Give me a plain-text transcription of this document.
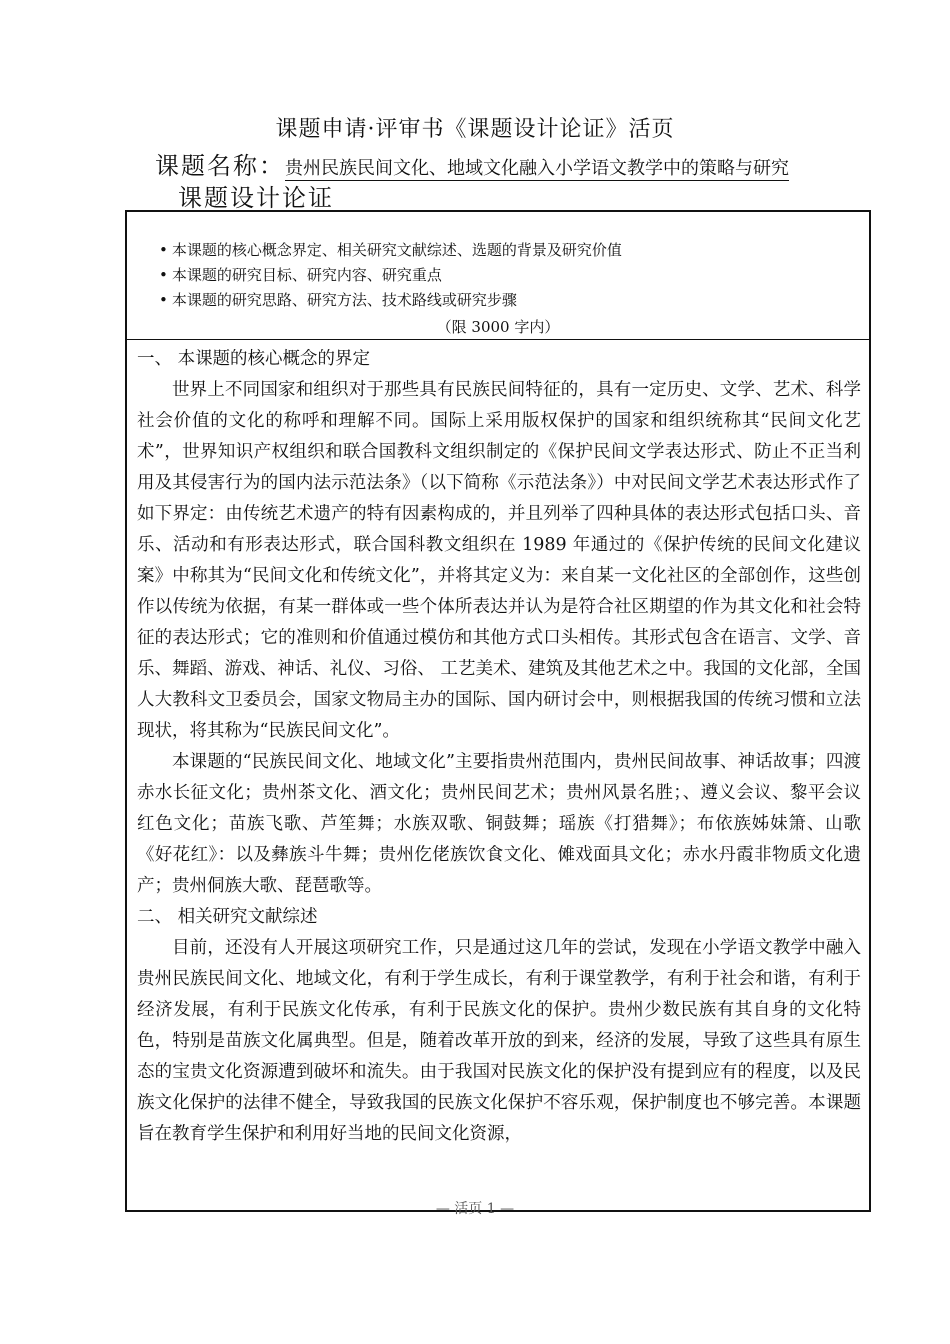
课题申请·评审书《课题设计论证》活页
课题名称：贵州民族民间文化、地域文化融入小学语文教学中的策略与研究
课题设计论证
• 本课题的核心概念界定、相关研究文献综述、选题的背景及研究价值
• 本课题的研究目标、研究内容、研究重点
• 本课题的研究思路、研究方法、技术路线或研究步骤
（限 3000 字内）

一、 本课题的核心概念的界定

世界上不同国家和组织对于那些具有民族民间特征的，具有一定历史、文学、艺术、科学社会价值的文化的称呼和理解不同。国际上采用版权保护的国家和组织统称其“民间文化艺术”，世界知识产权组织和联合国教科文组织制定的《保护民间文学表达形式、防止不正当利用及其侵害行为的国内法示范法条》（以下简称《示范法条》）中对民间文学艺术表达形式作了如下界定：由传统艺术遗产的特有因素构成的，并且列举了四种具体的表达形式包括口头、音乐、活动和有形表达形式，联合国科教文组织在 1989 年通过的《保护传统的民间文化建议案》中称其为“民间文化和传统文化”，并将其定义为：来自某一文化社区的全部创作，这些创作以传统为依据，有某一群体或一些个体所表达并认为是符合社区期望的作为其文化和社会特征的表达形式；它的准则和价值通过模仿和其他方式口头相传。其形式包含在语言、文学、音乐、舞蹈、游戏、神话、礼仪、习俗、 工艺美术、建筑及其他艺术之中。我国的文化部，全国人大教科文卫委员会，国家文物局主办的国际、国内研讨会中，则根据我国的传统习惯和立法现状，将其称为“民族民间文化”。

本课题的“民族民间文化、地域文化”主要指贵州范围内，贵州民间故事、神话故事；四渡赤水长征文化；贵州茶文化、酒文化；贵州民间艺术；贵州风景名胜；、遵义会议、黎平会议红色文化；苗族飞歌、芦笙舞；水族双歌、铜鼓舞；瑶族《打猎舞》；布依族姊妹箫、山歌《好花红》：以及彝族斗牛舞；贵州仡佬族饮食文化、傩戏面具文化；赤水丹霞非物质文化遗产；贵州侗族大歌、琵琶歌等。

二、 相关研究文献综述

目前，还没有人开展这项研究工作，只是通过这几年的尝试，发现在小学语文教学中融入贵州民族民间文化、地域文化，有利于学生成长，有利于课堂教学，有利于社会和谐，有利于经济发展，有利于民族文化传承，有利于民族文化的保护。贵州少数民族有其自身的文化特色，特别是苗族文化属典型。但是，随着改革开放的到来，经济的发展，导致了这些具有原生态的宝贵文化资源遭到破坏和流失。由于我国对民族文化的保护没有提到应有的程度，以及民族文化保护的法律不健全，导致我国的民族文化保护不容乐观，保护制度也不够完善。本课题旨在教育学生保护和利用好当地的民间文化资源，

— 活页 1 —
